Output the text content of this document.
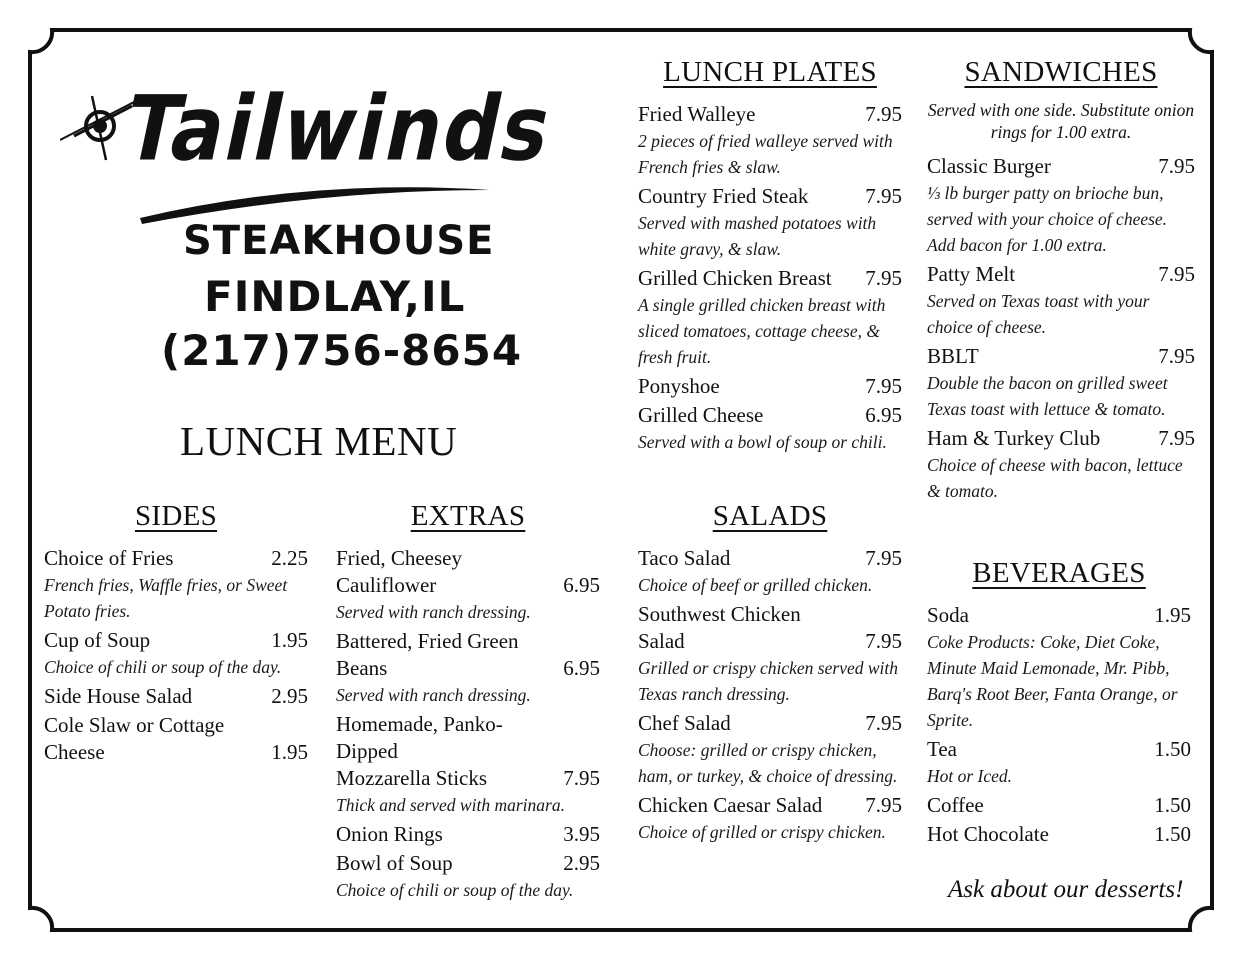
Tailwinds
STEAKHOUSE
FINDLAY,IL
(217)756-8654
LUNCH MENU
SIDES
Choice of Fries	2.25
French fries, Waffle fries, or Sweet Potato fries.
Cup of Soup	1.95
Choice of chili or soup of the day.
Side House Salad	2.95
Cole Slaw or Cottage
Cheese	1.95
EXTRAS
Fried, Cheesey
Cauliflower	6.95
Served with ranch dressing.
Battered, Fried Green
Beans	6.95
Served with ranch dressing.
Homemade, Panko-Dipped
Mozzarella Sticks	7.95
Thick and served with marinara.
Onion Rings	3.95
Bowl of Soup	2.95
Choice of chili or soup of the day.
LUNCH PLATES
Fried Walleye	7.95
2 pieces of fried walleye served with French fries & slaw.
Country Fried Steak	7.95
Served with mashed potatoes with white gravy, & slaw.
Grilled Chicken Breast 7.95
A single grilled chicken breast with sliced tomatoes, cottage cheese, & fresh fruit.
Ponyshoe	7.95
Grilled Cheese	6.95
Served with a bowl of soup or chili.
SALADS
Taco Salad	7.95
Choice of beef or grilled chicken.
Southwest Chicken
Salad	7.95
Grilled or crispy chicken served with Texas ranch dressing.
Chef Salad	7.95
Choose: grilled or crispy chicken, ham, or turkey, & choice of dressing.
Chicken Caesar Salad 7.95
Choice of grilled or crispy chicken.
SANDWICHES
Served with one side. Substitute onion rings for 1.00 extra.
Classic Burger	7.95
⅓ lb burger patty on brioche bun, served with your choice of cheese. Add bacon for 1.00 extra.
Patty Melt	7.95
Served on Texas toast with your choice of cheese.
BBLT	7.95
Double the bacon on grilled sweet Texas toast with lettuce & tomato.
Ham & Turkey Club	7.95
Choice of cheese with bacon, lettuce & tomato.
BEVERAGES
Soda	1.95
Coke Products: Coke, Diet Coke, Minute Maid Lemonade, Mr. Pibb, Barq's Root Beer, Fanta Orange, or Sprite.
Tea	1.50
Hot or Iced.
Coffee	1.50
Hot Chocolate	1.50
Ask about our desserts!
